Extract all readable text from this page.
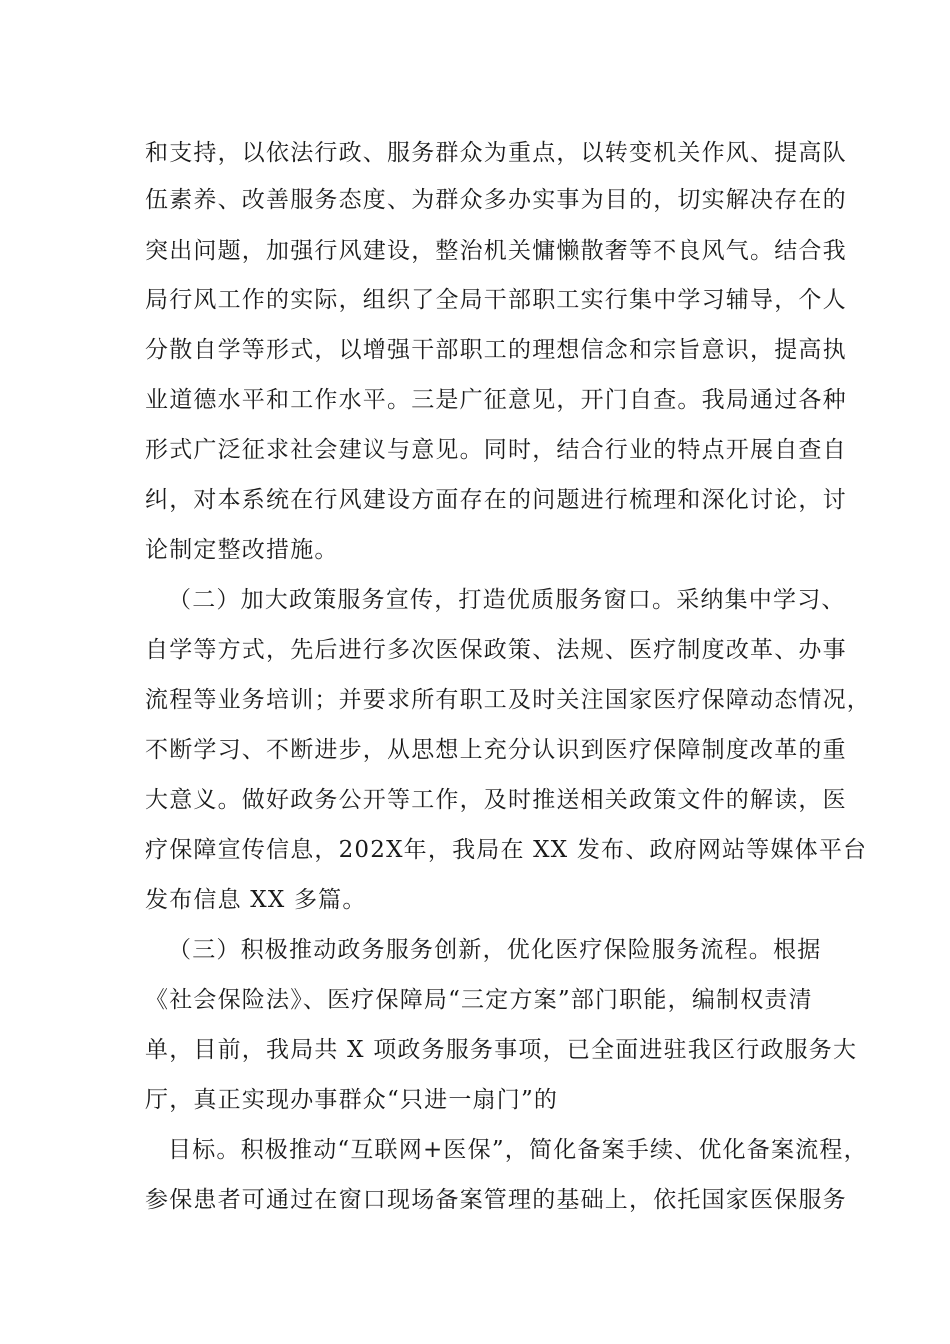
和支持，以依法行政、服务群众为重点，以转变机关作风、提高队
伍素养、改善服务态度、为群众多办实事为目的，切实解决存在的
突出问题，加强行风建设，整治机关慵懒散奢等不良风气。结合我
局行风工作的实际，组织了全局干部职工实行集中学习辅导，个人
分散自学等形式，以增强干部职工的理想信念和宗旨意识，提高执
业道德水平和工作水平。三是广征意见，开门自查。我局通过各种
形式广泛征求社会建议与意见。同时，结合行业的特点开展自查自
纠，对本系统在行风建设方面存在的问题进行梳理和深化讨论，讨
论制定整改措施。
（二）加大政策服务宣传，打造优质服务窗口。采纳集中学习、
自学等方式，先后进行多次医保政策、法规、医疗制度改革、办事
流程等业务培训；并要求所有职工及时关注国家医疗保障动态情况，
不断学习、不断进步，从思想上充分认识到医疗保障制度改革的重
大意义。做好政务公开等工作，及时推送相关政策文件的解读，医
疗保障宣传信息，202X年，我局在 XX 发布、政府网站等媒体平台
发布信息 XX 多篇。
（三）积极推动政务服务创新，优化医疗保险服务流程。根据
《社会保险法》、医疗保障局“三定方案”部门职能，编制权责清
单，目前，我局共 X 项政务服务事项，已全面进驻我区行政服务大
厅，真正实现办事群众“只进一扇门”的
目标。积极推动“互联网+医保”，简化备案手续、优化备案流程，
参保患者可通过在窗口现场备案管理的基础上，依托国家医保服务
